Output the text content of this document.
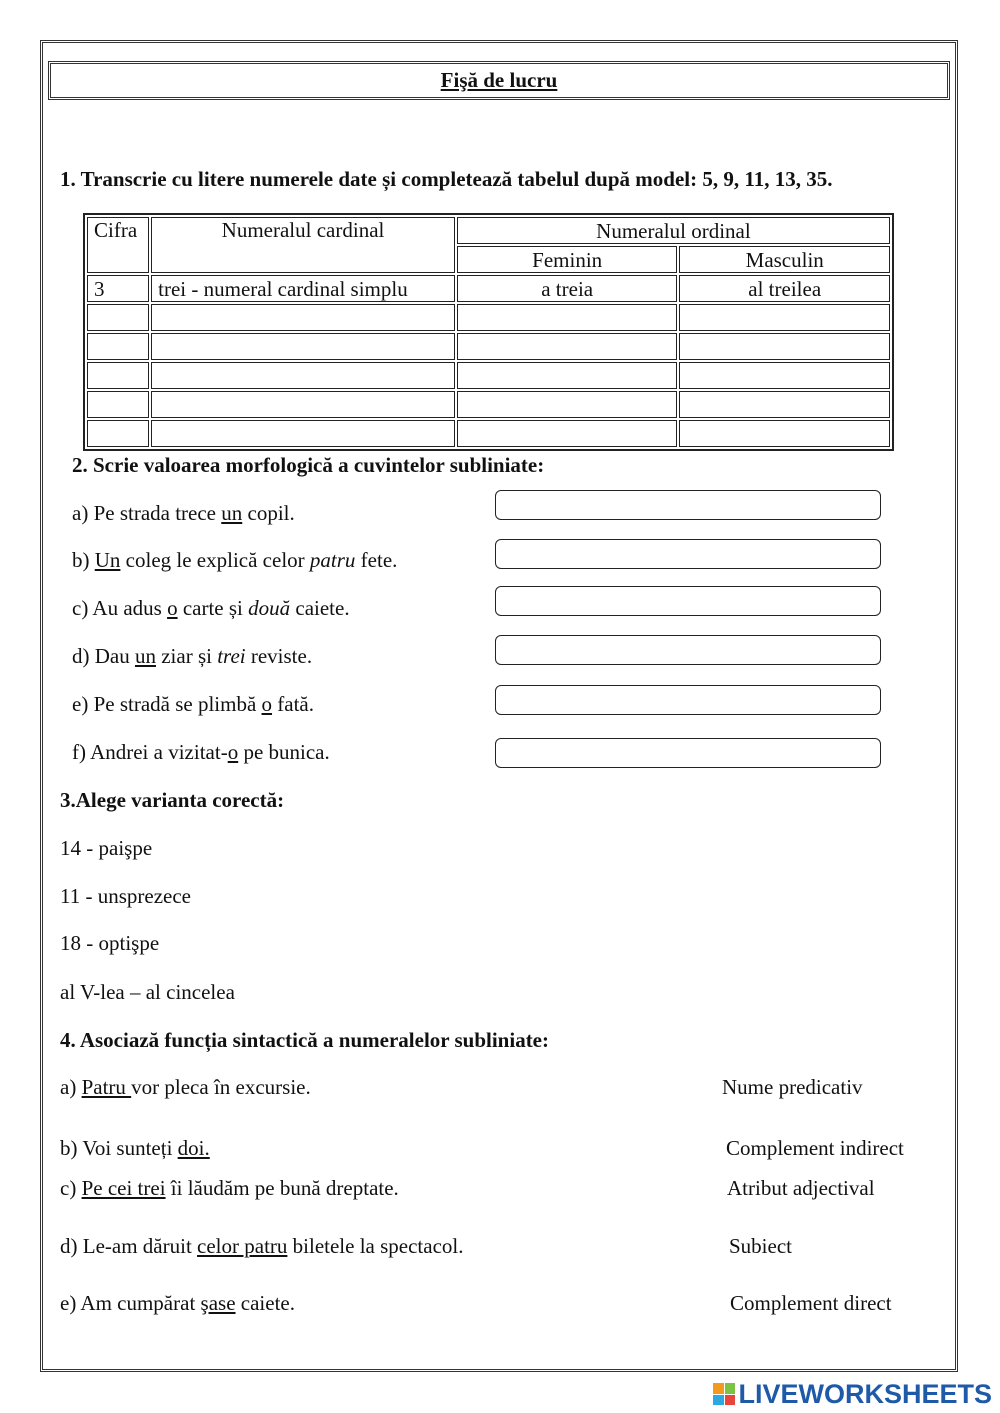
Fişă de lucru
1. Transcrie cu litere numerele date și completează tabelul după model: 5, 9, 11, 13, 35.
Cifra	Numeralul cardinal	Numeralul ordinal	
		Feminin	Masculin
3	trei - numeral cardinal simplu	a treia	al treilea

2. Scrie valoarea morfologică a cuvintelor subliniate:
a) Pe strada trece un copil.
b) Un coleg le explică celor patru fete.
c) Au adus o carte și două caiete.
d) Dau un ziar și trei reviste.
e) Pe stradă se plimbă o fată.
f) Andrei a vizitat-o pe bunica.
3.Alege varianta corectă:
14 - paişpe
11 - unsprezece
18 - optişpe
al V-lea – al cincelea
4. Asociază funcția sintactică a numeralelor subliniate:
a) Patru vor pleca în excursie.
b) Voi sunteți doi.
c) Pe cei trei îi lăudăm pe bună dreptate.
d) Le-am dăruit celor patru biletele la spectacol.
e) Am cumpărat şase caiete.
Nume predicativ
Complement indirect
Atribut adjectival
Subiect
Complement direct
LIVEWORKSHEETS
